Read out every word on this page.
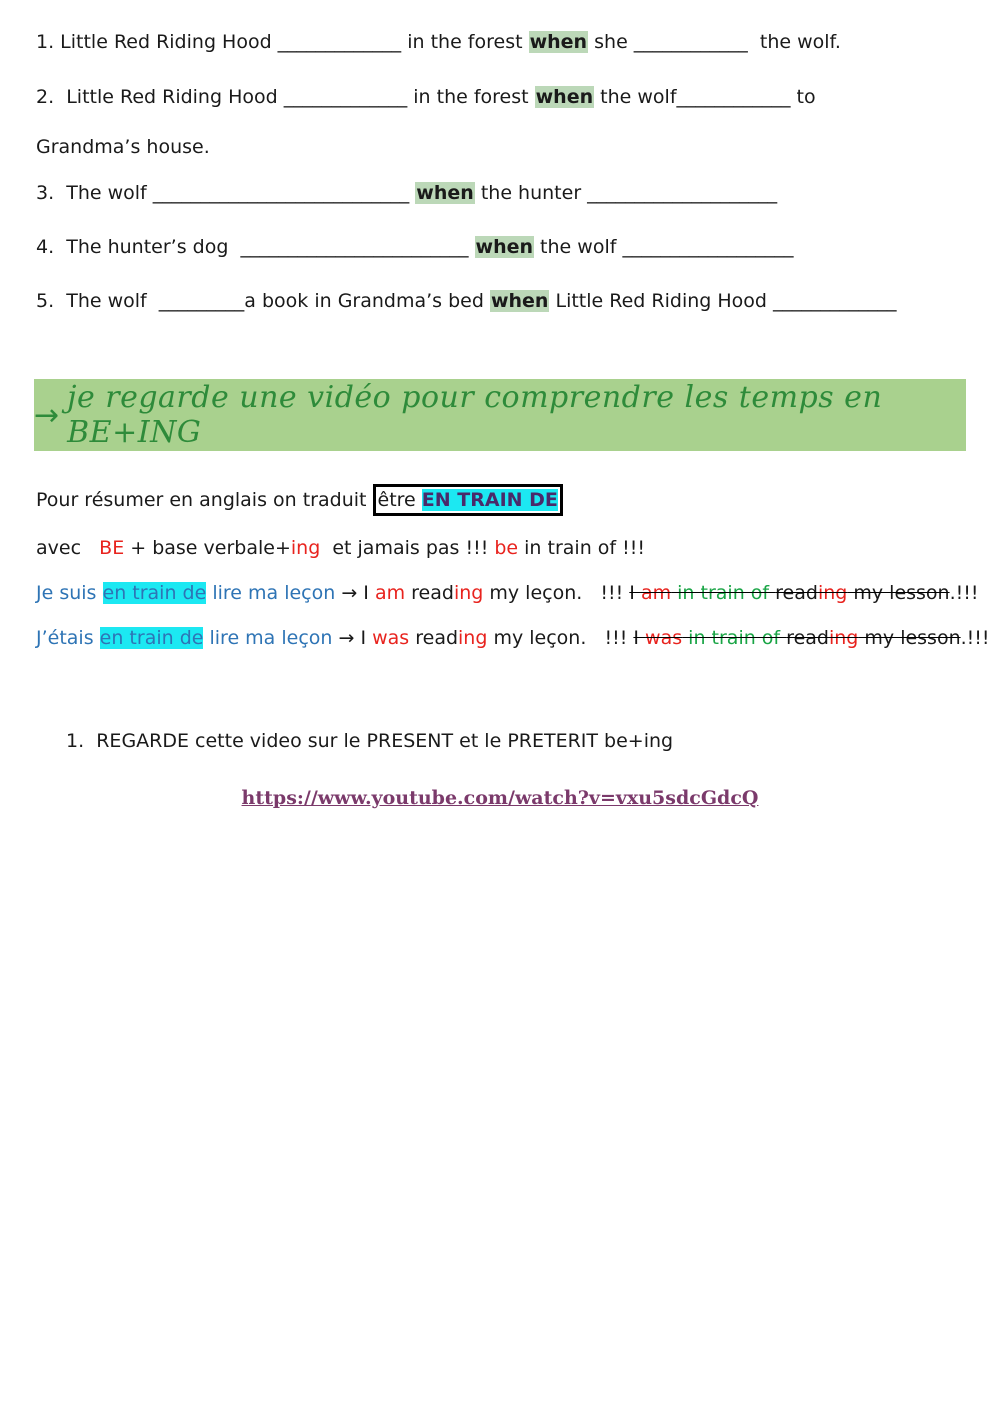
1. Little Red Riding Hood _____________ in the forest when she ____________  the wolf.
2.  Little Red Riding Hood _____________ in the forest when the wolf____________ to
Grandma’s house.
3.  The wolf ___________________________ when the hunter ____________________
4.  The hunter’s dog  ________________________ when the wolf __________________
5.  The wolf  _________a book in Grandma’s bed when Little Red Riding Hood _____________
→ je regarde une vidéo pour comprendre les temps en BE+ING
Pour résumer en anglais on traduit être EN TRAIN DE
avec   BE + base verbale+ing  et jamais pas !!! be in train of !!!
Je suis en train de lire ma leçon → I am reading my leçon.   !!! I am in train of reading my lesson.!!!
J’étais en train de lire ma leçon → I was reading my leçon.   !!! I was in train of reading my lesson.!!!
1. REGARDE cette video sur le PRESENT et le PRETERIT be+ing
https://www.youtube.com/watch?v=vxu5sdcGdcQ
